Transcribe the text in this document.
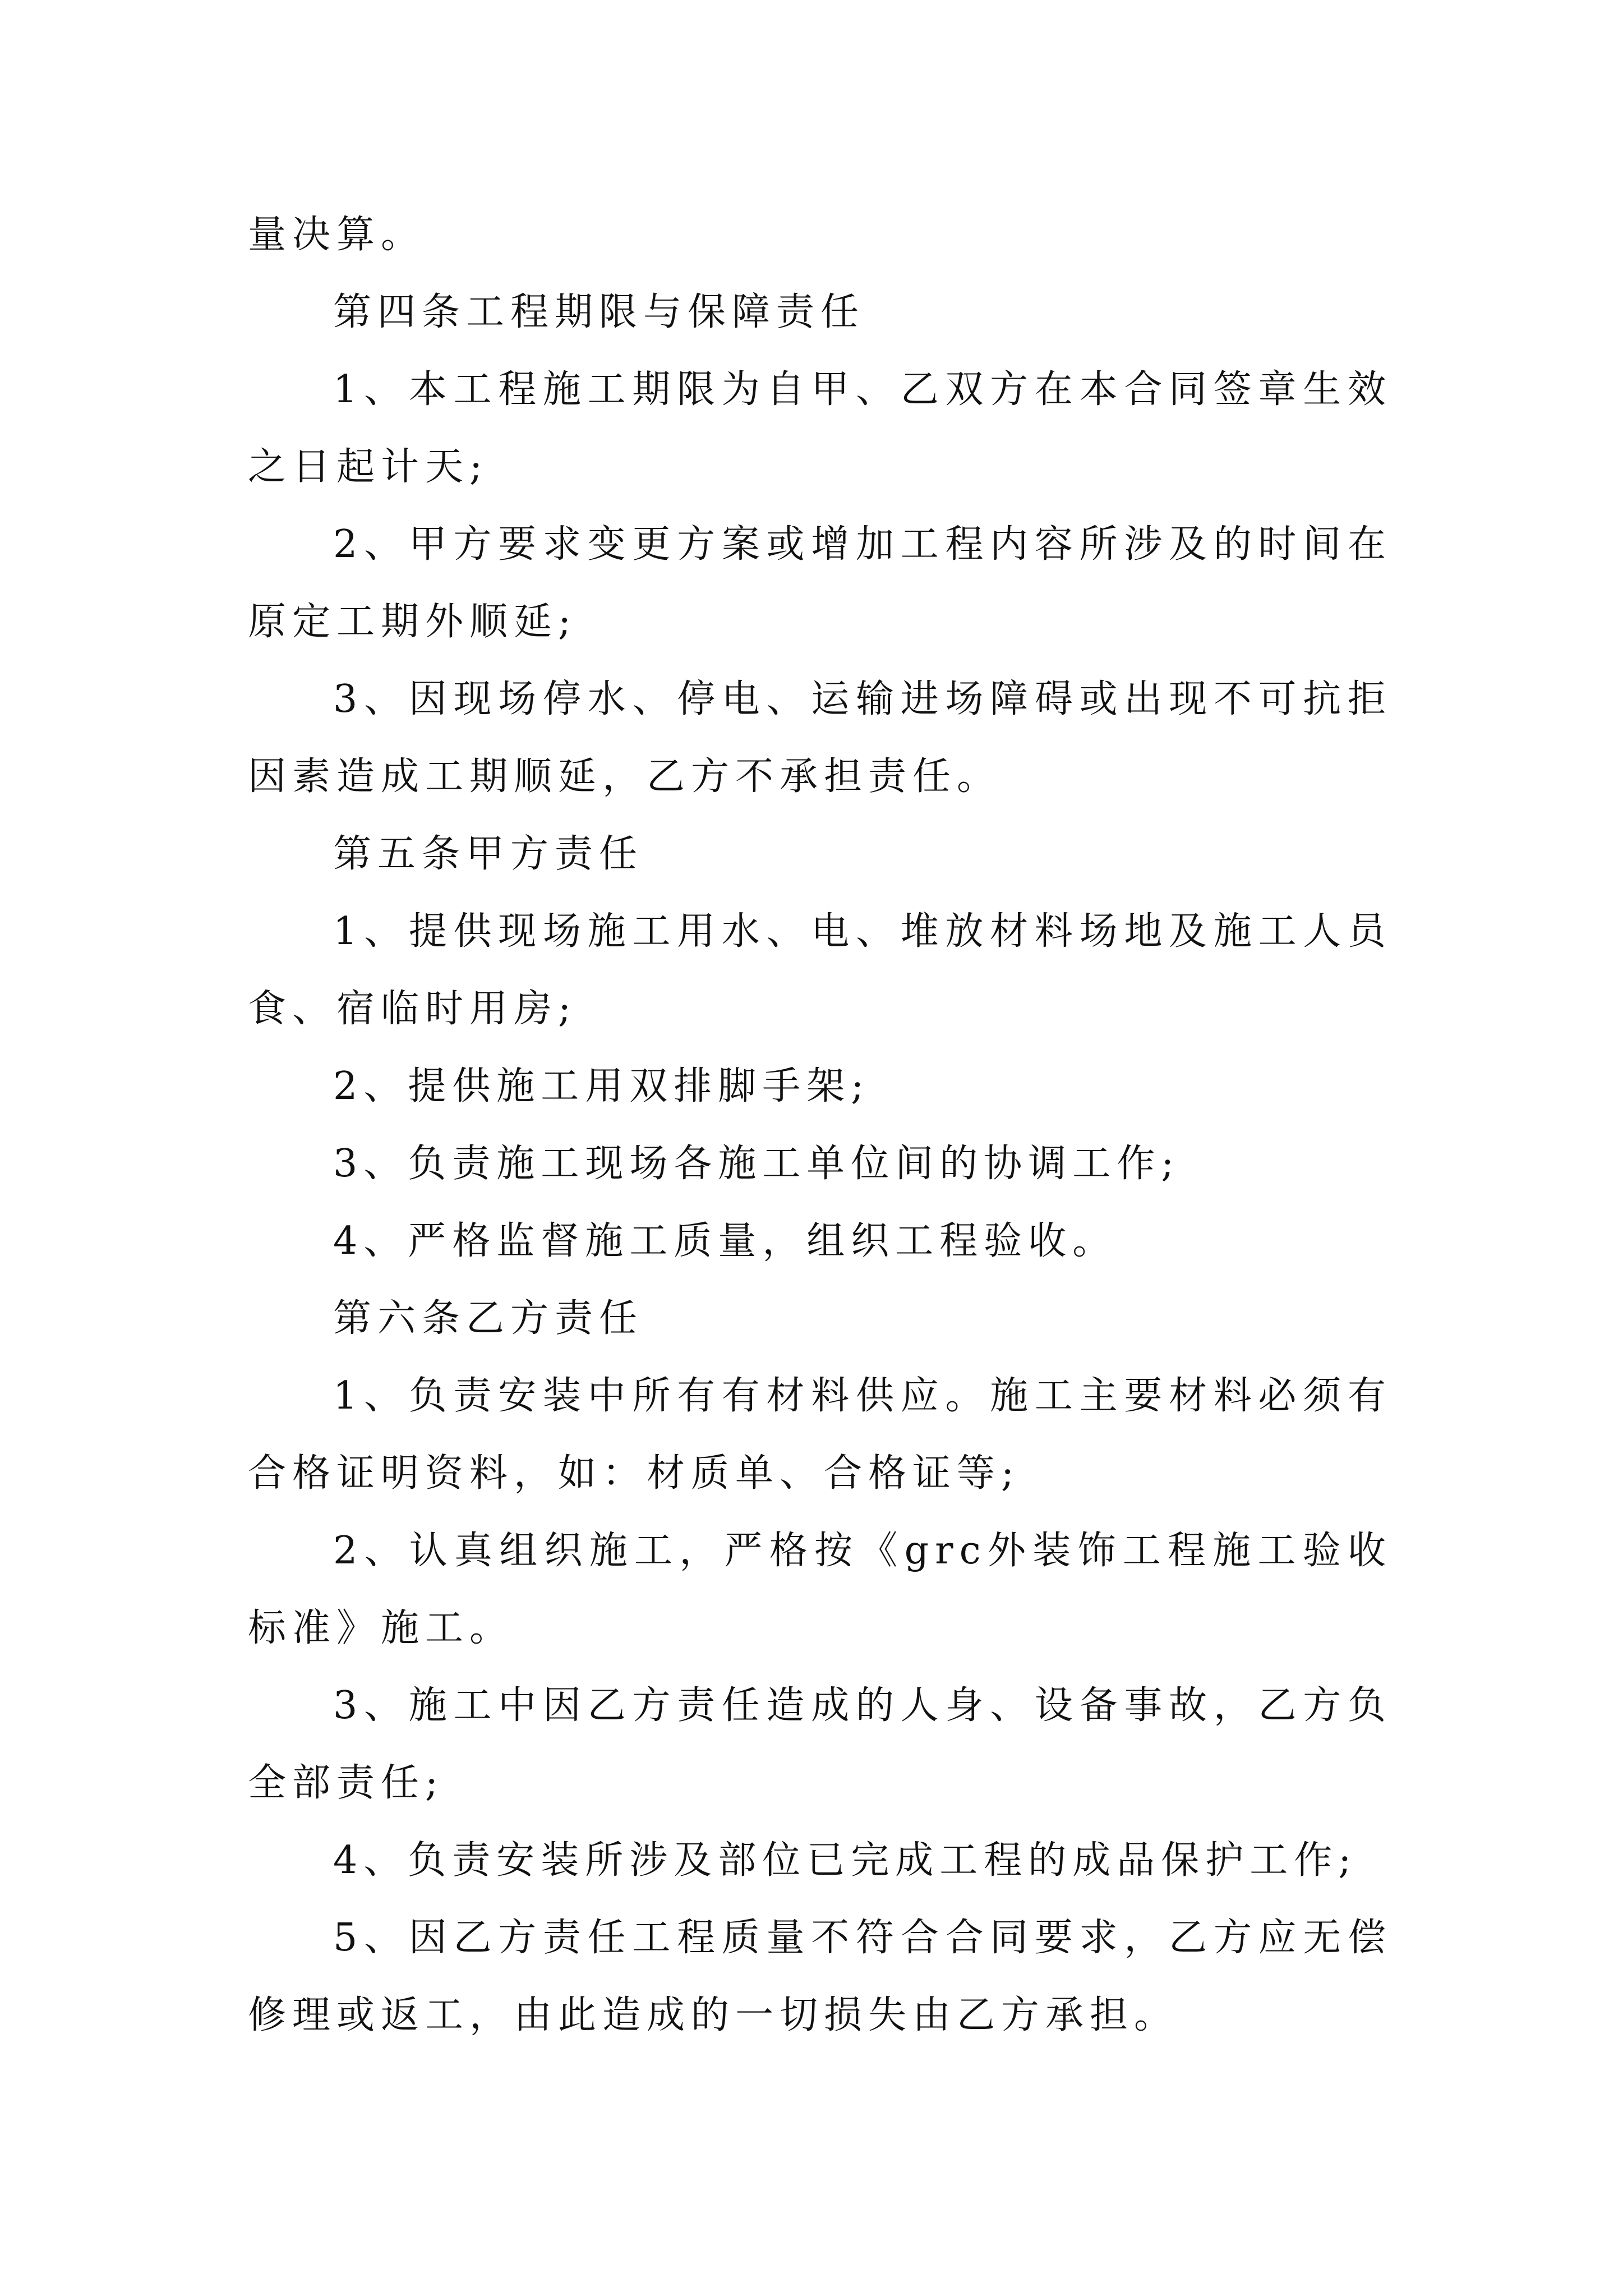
量决算。

第四条工程期限与保障责任

1、本工程施工期限为自甲、乙双方在本合同签章生效之日起计天;

2、甲方要求变更方案或增加工程内容所涉及的时间在原定工期外顺延;

3、因现场停水、停电、运输进场障碍或出现不可抗拒因素造成工期顺延，乙方不承担责任。

第五条甲方责任

1、提供现场施工用水、电、堆放材料场地及施工人员食、宿临时用房;

2、提供施工用双排脚手架;

3、负责施工现场各施工单位间的协调工作;

4、严格监督施工质量，组织工程验收。

第六条乙方责任

1、负责安装中所有有材料供应。施工主要材料必须有合格证明资料，如：材质单、合格证等;

2、认真组织施工，严格按《grc外装饰工程施工验收标准》施工。

3、施工中因乙方责任造成的人身、设备事故，乙方负全部责任;

4、负责安装所涉及部位已完成工程的成品保护工作;

5、因乙方责任工程质量不符合合同要求，乙方应无偿修理或返工，由此造成的一切损失由乙方承担。
